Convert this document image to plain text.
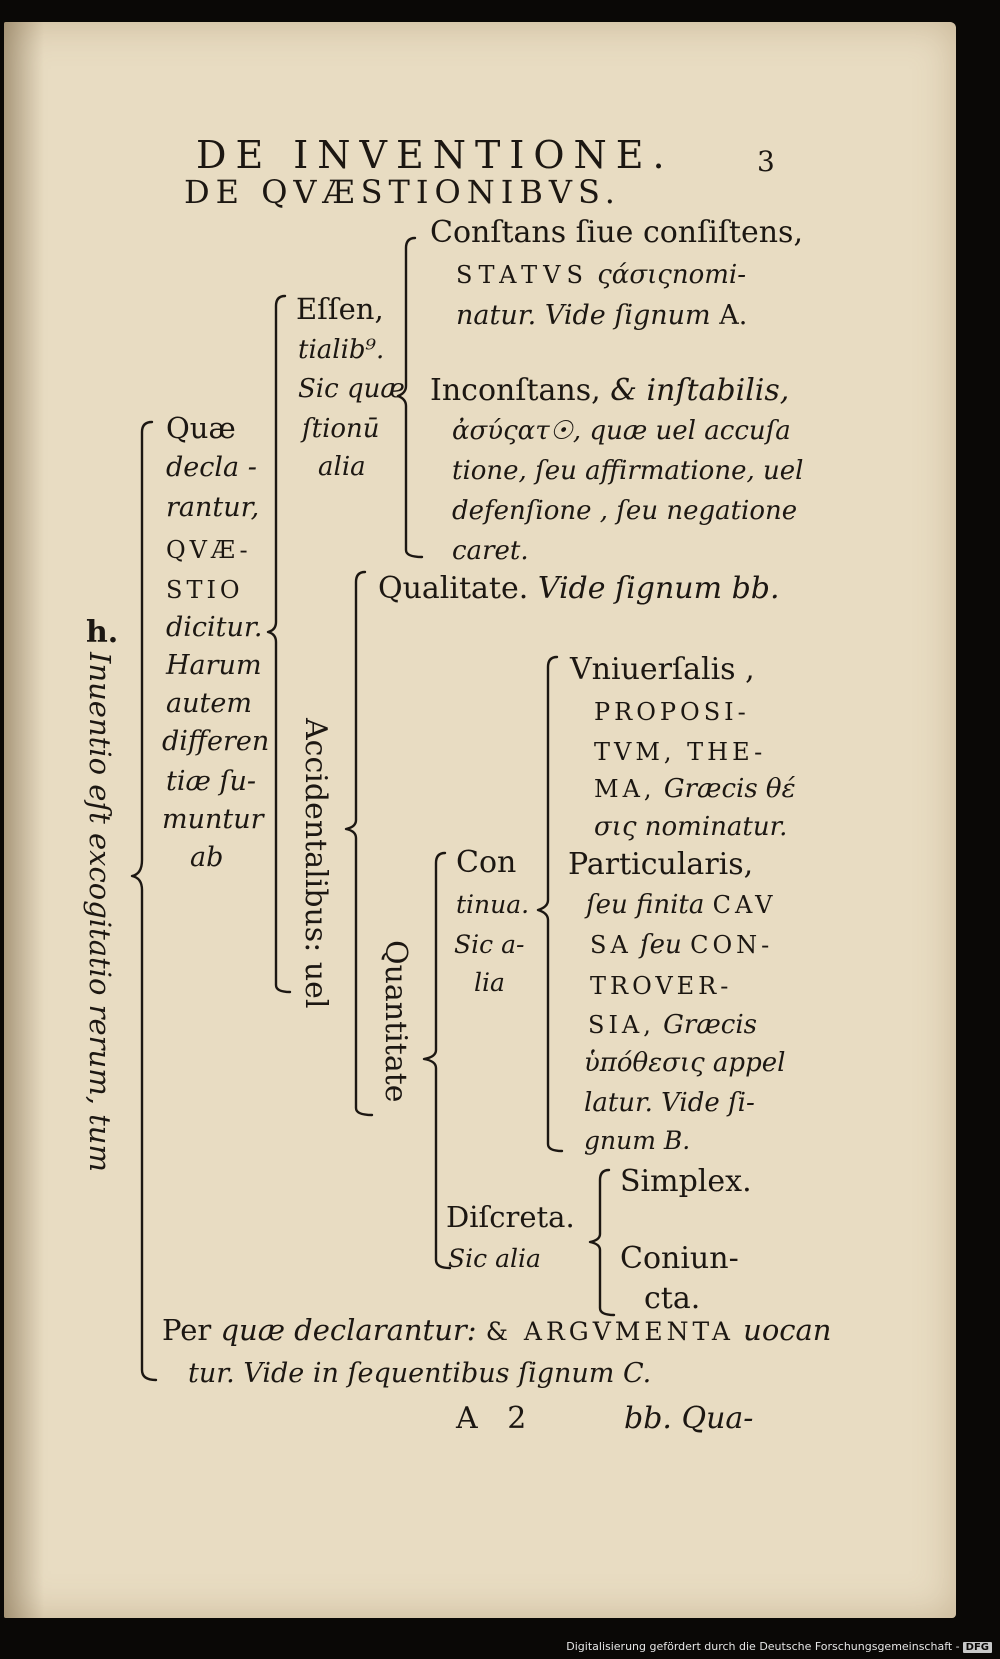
DE INVENTIONE.	3
DE QVÆSTIONIBVS.
h.
Inuentio eſt excogitatio rerum, tum
Quæ
decla -
rantur,
QVÆ-
STIO
dicitur.
Harum
autem
differen
tiæ ſu-
muntur
ab
Eſſen,
tialib⁹.
Sic quæ
ſtionū
alia
Accidentalibus: uel
Conſtans ſiue conſiſtens,
STATVS ςάσιςnomi-
natur. Vide ſignum A.
Inconſtans, & inſtabilis,
ἀσύςατ☉, quæ uel accuſa
tione, ſeu affirmatione, uel
defenſione , ſeu negatione
caret.
Qualitate. Vide ſignum bb.
Quantitate
Con
tinua.
Sic a-
lia
Vniuerſalis ,
PROPOSI-
TVM, THE-
MA, Græcis θέ
σις nominatur.
Particularis,
ſeu finita CAV
SA ſeu CON-
TROVER-
SIA, Græcis
ὑπόθεσις appel
latur. Vide ſi-
gnum B.
Diſcreta.
Sic alia
Simplex.
Coniun-
cta.
Per quæ declarantur: & ARGVMENTA uocan
tur. Vide in ſequentibus ſignum C.
A 2	bb. Qua-
Digitalisierung gefördert durch die Deutsche Forschungsgemeinschaft - DFG
